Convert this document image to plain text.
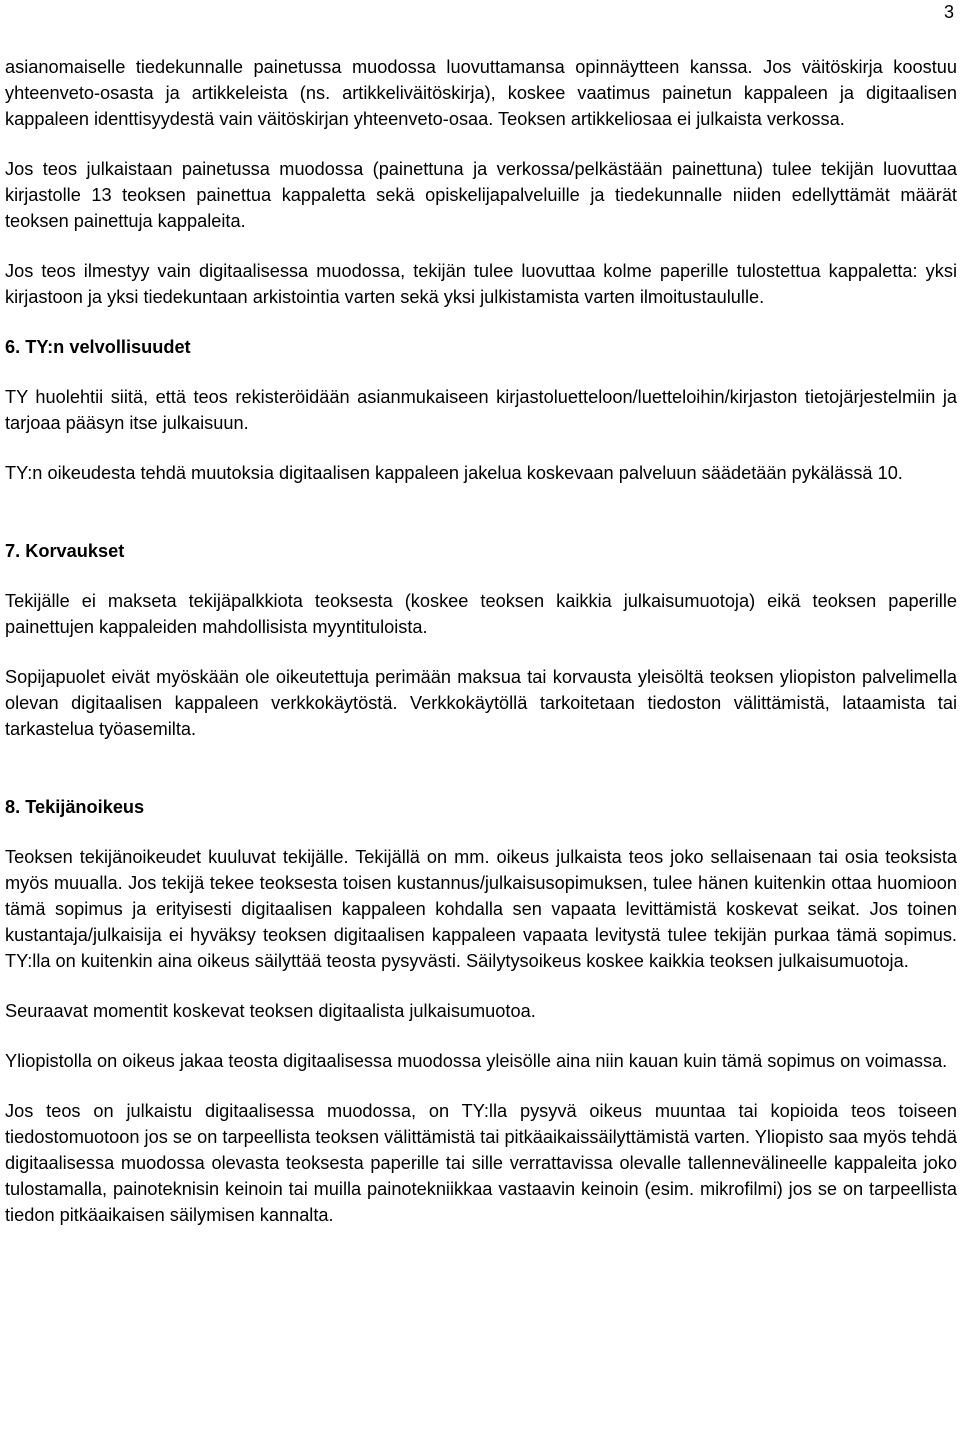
3

asianomaiselle tiedekunnalle painetussa muodossa luovuttamansa opinnäytteen kanssa. Jos väitöskirja koostuu yhteenveto-osasta ja artikkeleista (ns. artikkeliväitöskirja), koskee vaatimus painetun kappaleen ja digitaalisen kappaleen identtisyydestä vain väitöskirjan yhteenveto-osaa. Teoksen artikkeliosaa ei julkaista verkossa.

Jos teos julkaistaan painetussa muodossa (painettuna ja verkossa/pelkästään painettuna) tulee tekijän luovuttaa kirjastolle 13 teoksen painettua kappaletta sekä opiskelijapalveluille ja tiedekunnalle niiden edellyttämät määrät teoksen painettuja kappaleita.

Jos teos ilmestyy vain digitaalisessa muodossa, tekijän tulee luovuttaa kolme paperille tulostettua kappaletta: yksi kirjastoon ja yksi tiedekuntaan arkistointia varten sekä yksi julkistamista varten ilmoitustaululle.

6. TY:n velvollisuudet

TY huolehtii siitä, että teos rekisteröidään asianmukaiseen kirjastoluetteloon/luetteloihin/kirjaston tietojärjestelmiin ja tarjoaa pääsyn itse julkaisuun.

TY:n oikeudesta tehdä muutoksia digitaalisen kappaleen jakelua koskevaan palveluun säädetään pykälässä 10.

7. Korvaukset

Tekijälle ei makseta tekijäpalkkiota teoksesta (koskee teoksen kaikkia julkaisumuotoja) eikä teoksen paperille painettujen kappaleiden mahdollisista myyntituloista.

Sopijapuolet eivät myöskään ole oikeutettuja perimään maksua tai korvausta yleisöltä teoksen yliopiston palvelimella olevan digitaalisen kappaleen verkkokäytöstä. Verkkokäytöllä tarkoitetaan tiedoston välittämistä, lataamista tai tarkastelua työasemilta.

8. Tekijänoikeus

Teoksen tekijänoikeudet kuuluvat tekijälle. Tekijällä on mm. oikeus julkaista teos joko sellaisenaan tai osia teoksista myös muualla. Jos tekijä tekee teoksesta toisen kustannus/julkaisusopimuksen, tulee hänen kuitenkin ottaa huomioon tämä sopimus ja erityisesti digitaalisen kappaleen kohdalla sen vapaata levittämistä koskevat seikat. Jos toinen kustantaja/julkaisija ei hyväksy teoksen digitaalisen kappaleen vapaata levitystä tulee tekijän purkaa tämä sopimus. TY:lla on kuitenkin aina oikeus säilyttää teosta pysyvästi. Säilytysoikeus koskee kaikkia teoksen julkaisumuotoja.

Seuraavat momentit koskevat teoksen digitaalista julkaisumuotoa.

Yliopistolla on oikeus jakaa teosta digitaalisessa muodossa yleisölle aina niin kauan kuin tämä sopimus on voimassa.

Jos teos on julkaistu digitaalisessa muodossa, on TY:lla pysyvä oikeus muuntaa tai kopioida teos toiseen tiedostomuotoon jos se on tarpeellista teoksen välittämistä tai pitkäaikaissäilyttämistä varten. Yliopisto saa myös tehdä digitaalisessa muodossa olevasta teoksesta paperille tai sille verrattavissa olevalle tallennevälineelle kappaleita joko tulostamalla, painoteknisin keinoin tai muilla painotekniikkaa vastaavin keinoin (esim. mikrofilmi) jos se on tarpeellista tiedon pitkäaikaisen säilymisen kannalta.
